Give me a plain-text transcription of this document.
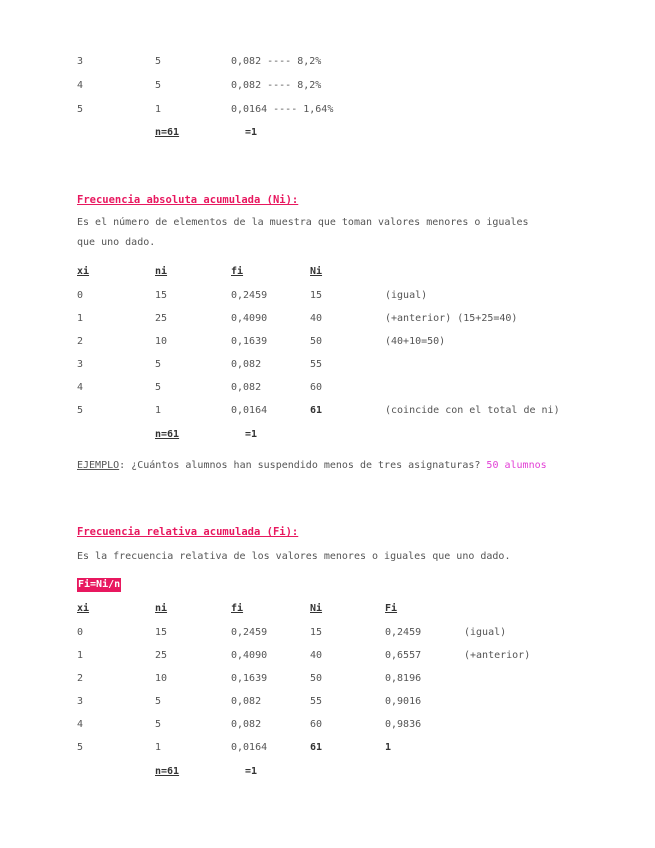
3	5	0,082 ---- 8,2%
4	5	0,082 ---- 8,2%
5	1	0,0164 ---- 1,64%
n=61	=1
Frecuencia absoluta acumulada (Ni):
Es el número de elementos de la muestra que toman valores menores o iguales
que uno dado.
xi	ni	fi	Ni
0	15	0,2459	15	(igual)
1	25	0,4090	40	(+anterior) (15+25=40)
2	10	0,1639	50	(40+10=50)
3	5	0,082	55
4	5	0,082	60
5	1	0,0164	61	(coincide con el total de ni)
n=61	=1
EJEMPLO: ¿Cuántos alumnos han suspendido menos de tres asignaturas? 50 alumnos
Frecuencia relativa acumulada (Fi):
Es la frecuencia relativa de los valores menores o iguales que uno dado.
Fi=Ni/n
xi	ni	fi	Ni	Fi
0	15	0,2459	15	0,2459	(igual)
1	25	0,4090	40	0,6557	(+anterior)
2	10	0,1639	50	0,8196
3	5	0,082	55	0,9016
4	5	0,082	60	0,9836
5	1	0,0164	61	1
n=61	=1
